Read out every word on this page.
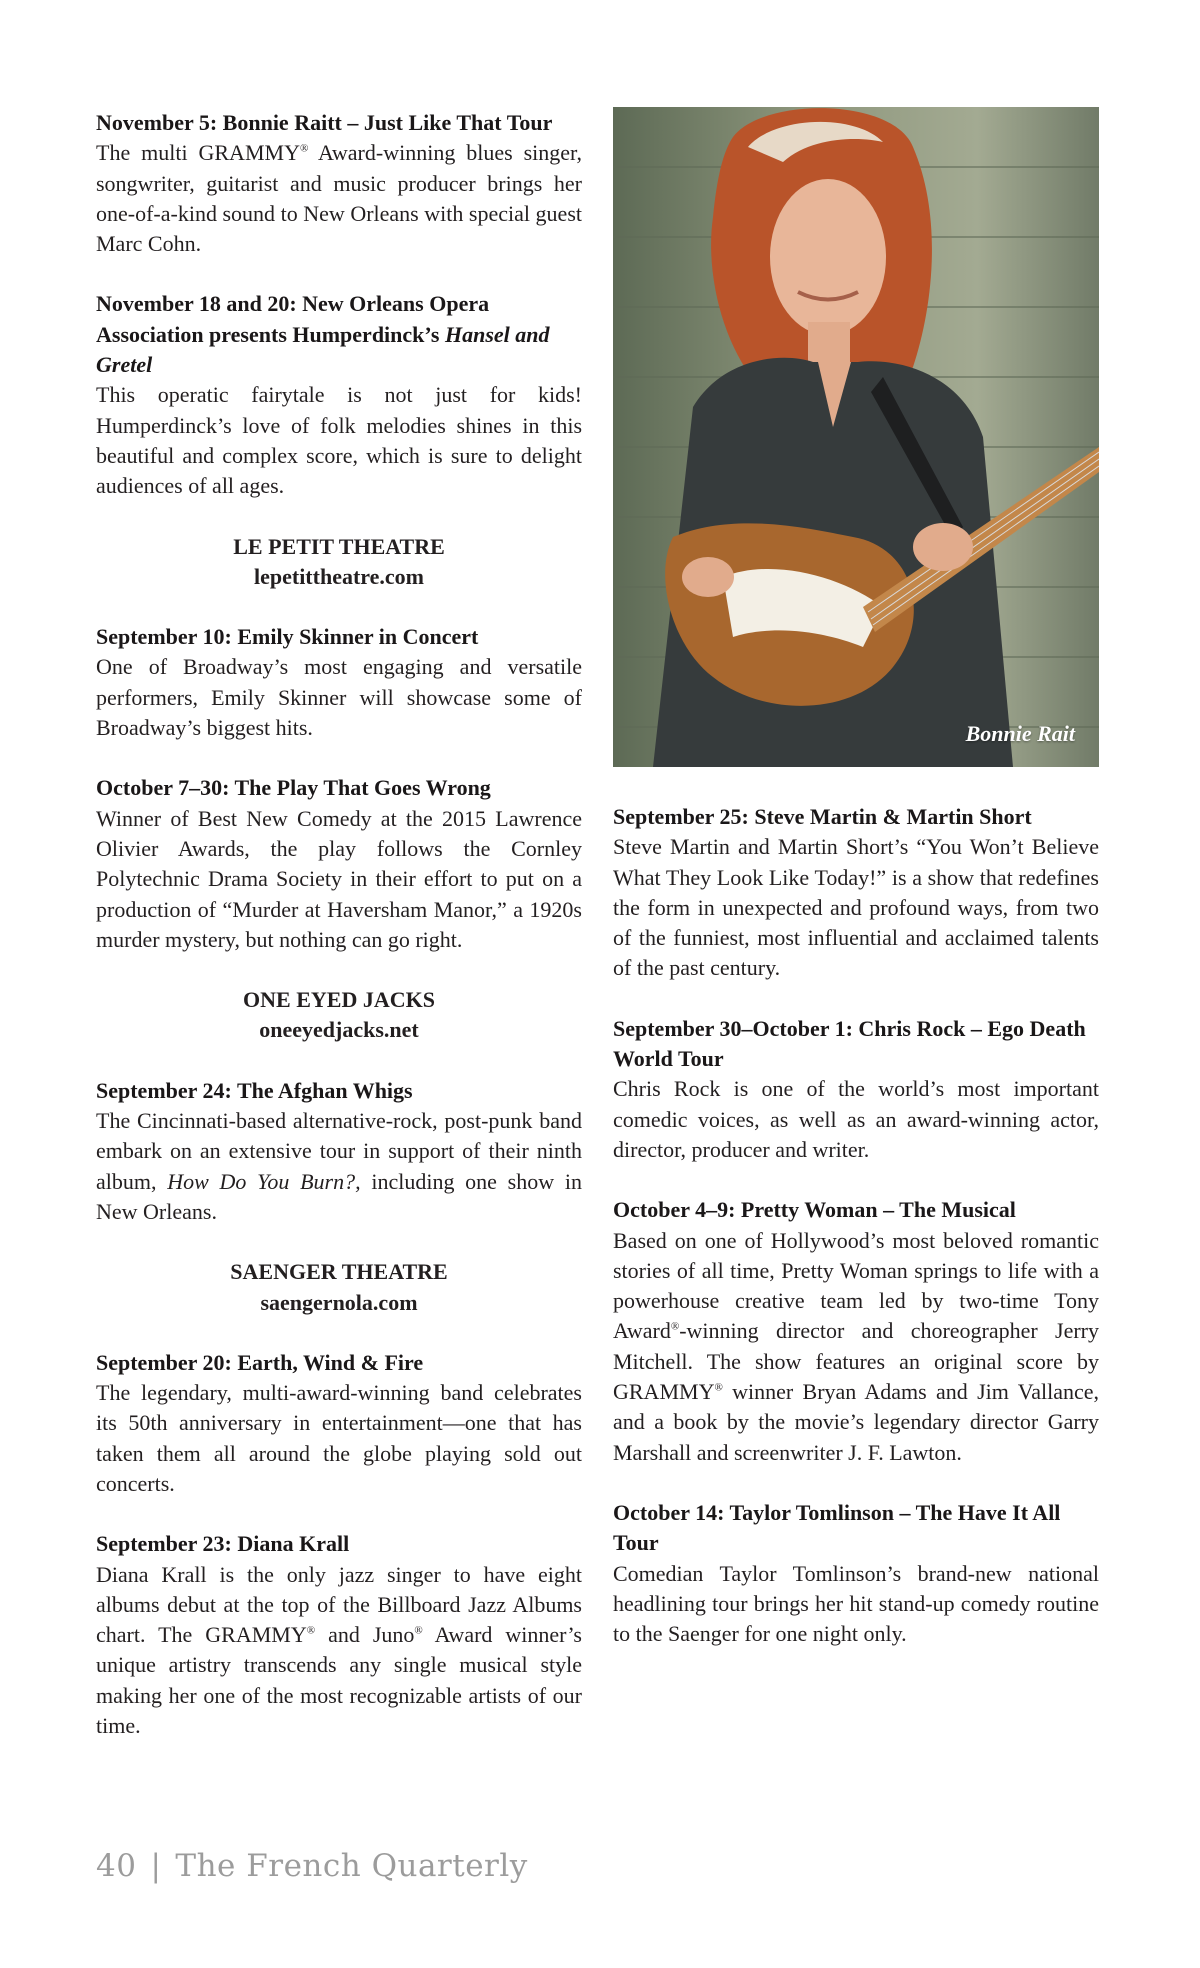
November 5: Bonnie Raitt – Just Like That Tour

The multi GRAMMY® Award-winning blues singer, songwriter, guitarist and music producer brings her one-of-a-kind sound to New Orleans with special guest Marc Cohn.

November 18 and 20: New Orleans Opera Association presents Humperdinck’s Hansel and Gretel

This operatic fairytale is not just for kids! Humperdinck’s love of folk melodies shines in this beautiful and complex score, which is sure to delight audiences of all ages.

LE PETIT THEATRE

lepetittheatre.com

September 10: Emily Skinner in Concert

One of Broadway’s most engaging and versatile performers, Emily Skinner will showcase some of Broadway’s biggest hits.

October 7–30: The Play That Goes Wrong

Winner of Best New Comedy at the 2015 Lawrence Olivier Awards, the play follows the Cornley Polytechnic Drama Society in their effort to put on a production of “Murder at Haversham Manor,” a 1920s murder mystery, but nothing can go right.

ONE EYED JACKS

oneeyedjacks.net

September 24: The Afghan Whigs

The Cincinnati-based alternative-rock, post-punk band embark on an extensive tour in support of their ninth album, How Do You Burn?, including one show in New Orleans.

SAENGER THEATRE

saengernola.com

September 20: Earth, Wind & Fire

The legendary, multi-award-winning band celebrates its 50th anniversary in entertainment—one that has taken them all around the globe playing sold out concerts.

September 23: Diana Krall

Diana Krall is the only jazz singer to have eight albums debut at the top of the Billboard Jazz Albums chart. The GRAMMY® and Juno® Award winner’s unique artistry transcends any single musical style making her one of the most recognizable artists of our time.

Bonnie Rait

September 25: Steve Martin & Martin Short

Steve Martin and Martin Short’s “You Won’t Believe What They Look Like Today!” is a show that redefines the form in unexpected and profound ways, from two of the funniest, most influential and acclaimed talents of the past century.

September 30–October 1: Chris Rock – Ego Death World Tour

Chris Rock is one of the world’s most important comedic voices, as well as an award-winning actor, director, producer and writer.

October 4–9: Pretty Woman – The Musical

Based on one of Hollywood’s most beloved romantic stories of all time, Pretty Woman springs to life with a powerhouse creative team led by two-time Tony Award®-winning director and choreographer Jerry Mitchell. The show features an original score by GRAMMY® winner Bryan Adams and Jim Vallance, and a book by the movie’s legendary director Garry Marshall and screenwriter J. F. Lawton.

October 14: Taylor Tomlinson – The Have It All Tour

Comedian Taylor Tomlinson’s brand-new national headlining tour brings her hit stand-up comedy routine to the Saenger for one night only.

40 | The French Quarterly
